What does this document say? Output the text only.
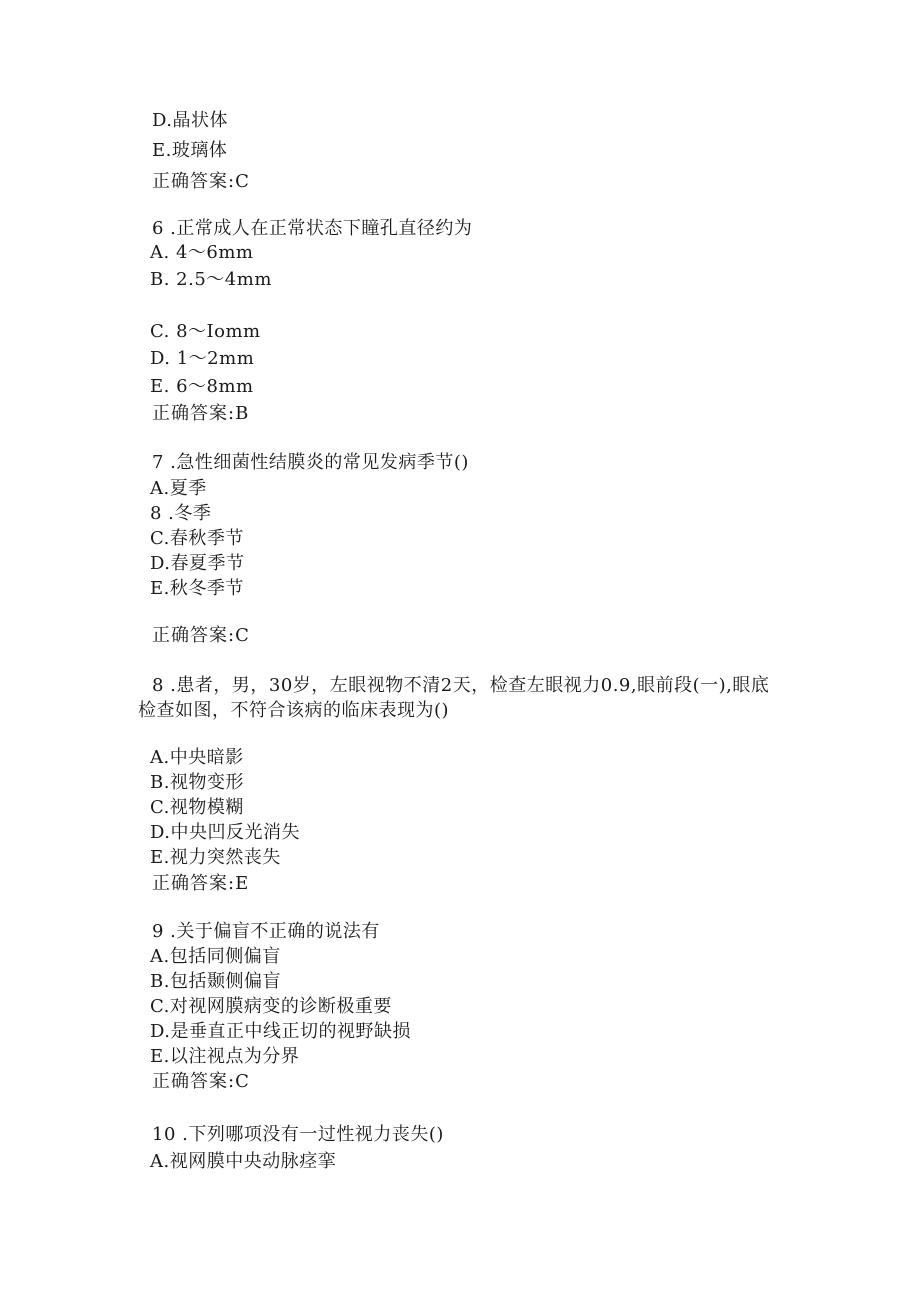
D.晶状体
E.玻璃体
正确答案:C
6 .正常成人在正常状态下瞳孔直径约为
A. 4～6mm
B. 2.5～4mm
C. 8～Iomm
D. 1～2mm
E. 6～8mm
正确答案:B
7 .急性细菌性结膜炎的常见发病季节()
A.夏季
8 .冬季
C.春秋季节
D.春夏季节
E.秋冬季节
正确答案:C
8 .患者，男，30岁，左眼视物不清2天，检查左眼视力0.9,眼前段(一),眼底
检查如图，不符合该病的临床表现为()
A.中央暗影
B.视物变形
C.视物模糊
D.中央凹反光消失
E.视力突然丧失
正确答案:E
9 .关于偏盲不正确的说法有
A.包括同侧偏盲
B.包括颞侧偏盲
C.对视网膜病变的诊断极重要
D.是垂直正中线正切的视野缺损
E.以注视点为分界
正确答案:C
10 .下列哪项没有一过性视力丧失()
A.视网膜中央动脉痉挛
